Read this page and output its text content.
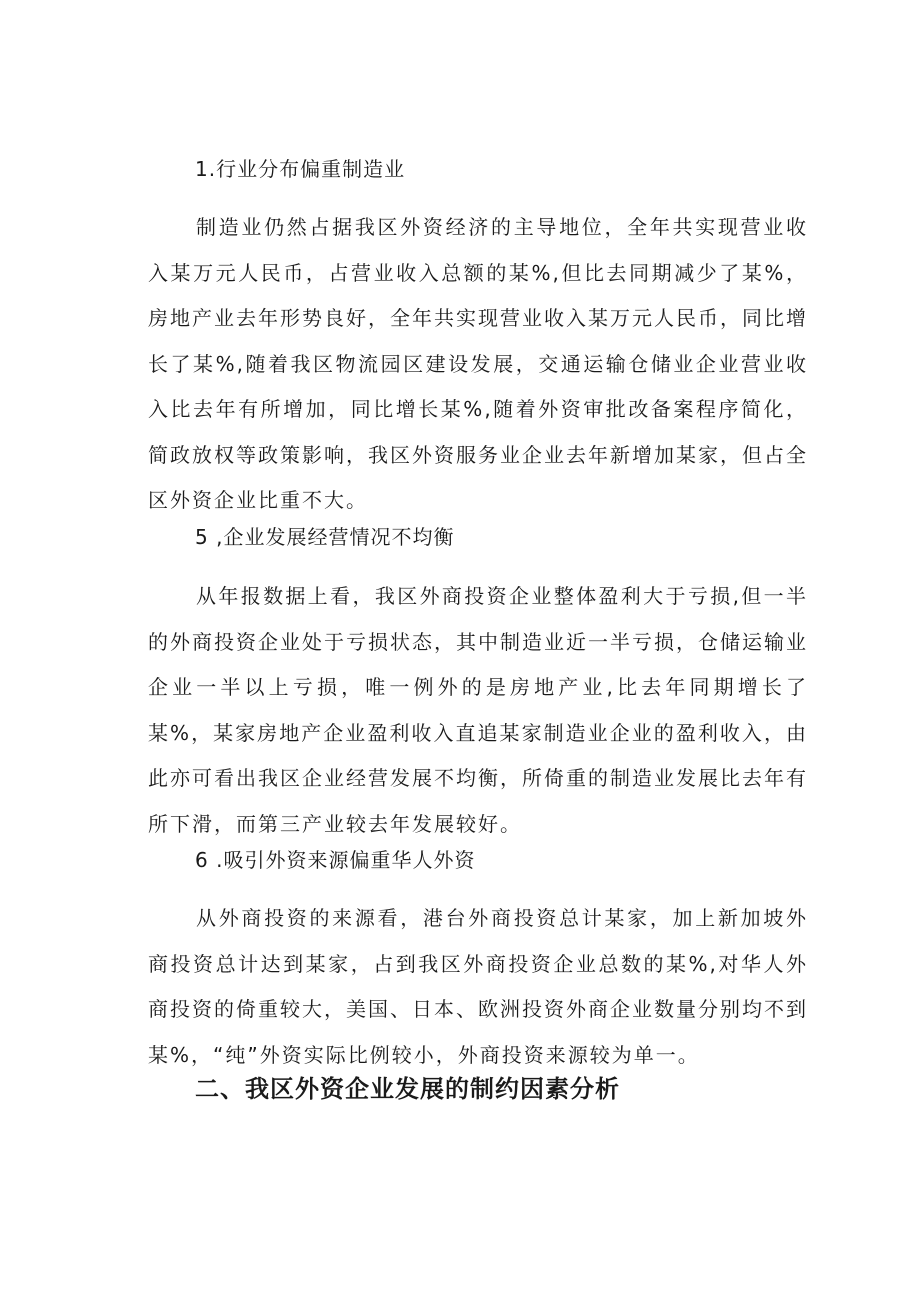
1.行业分布偏重制造业
制造业仍然占据我区外资经济的主导地位，全年共实现营业收入某万元人民币，占营业收入总额的某%,但比去同期减少了某%，房地产业去年形势良好，全年共实现营业收入某万元人民币，同比增长了某%,随着我区物流园区建设发展，交通运输仓储业企业营业收入比去年有所增加，同比增长某%,随着外资审批改备案程序简化，简政放权等政策影响，我区外资服务业企业去年新增加某家，但占全区外资企业比重不大。
5 ,企业发展经营情况不均衡
从年报数据上看，我区外商投资企业整体盈利大于亏损,但一半的外商投资企业处于亏损状态，其中制造业近一半亏损，仓储运输业企业一半以上亏损，唯一例外的是房地产业,比去年同期增长了某%，某家房地产企业盈利收入直追某家制造业企业的盈利收入，由此亦可看出我区企业经营发展不均衡，所倚重的制造业发展比去年有所下滑，而第三产业较去年发展较好。
6 .吸引外资来源偏重华人外资
从外商投资的来源看，港台外商投资总计某家，加上新加坡外商投资总计达到某家，占到我区外商投资企业总数的某%,对华人外商投资的倚重较大，美国、日本、欧洲投资外商企业数量分别均不到某%，“纯”外资实际比例较小，外商投资来源较为单一。
二、我区外资企业发展的制约因素分析
